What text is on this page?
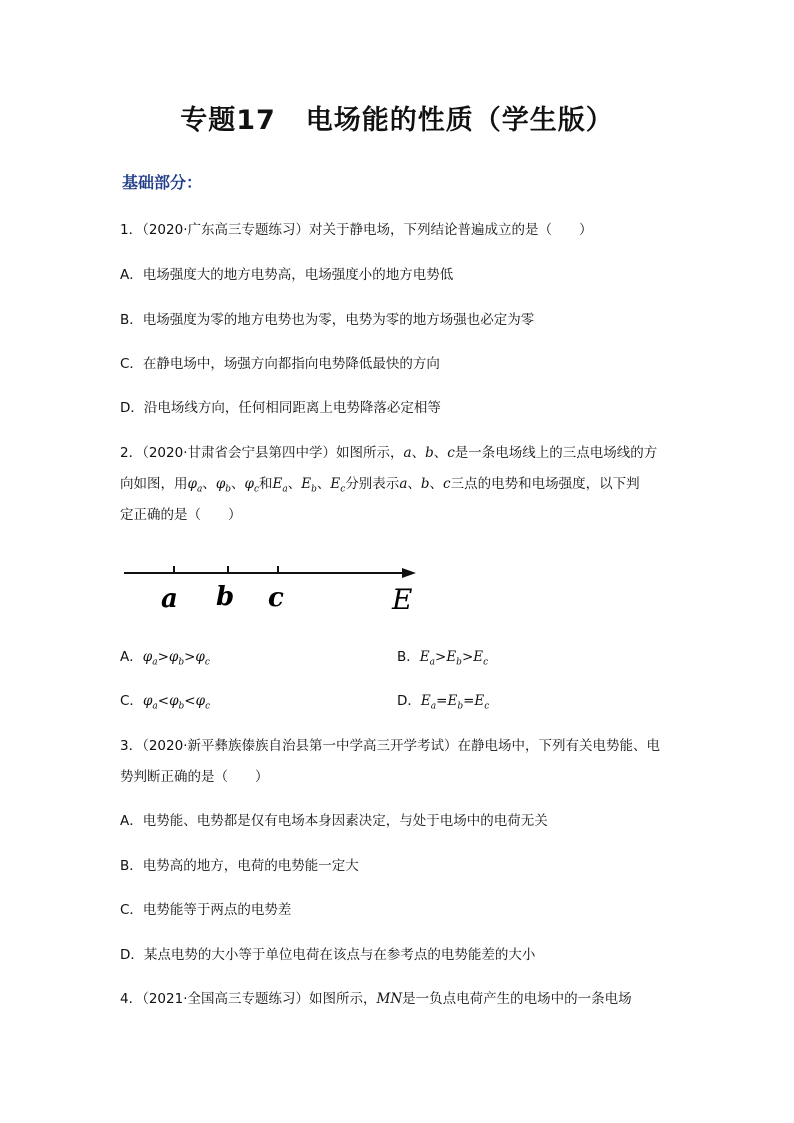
专题17 电场能的性质（学生版）
基础部分：
1．（2020·广东高三专题练习）对关于静电场，下列结论普遍成立的是（　　）
A．电场强度大的地方电势高，电场强度小的地方电势低
B．电场强度为零的地方电势也为零，电势为零的地方场强也必定为零
C．在静电场中，场强方向都指向电势降低最快的方向
D．沿电场线方向，任何相同距离上电势降落必定相等
2．（2020·甘肃省会宁县第四中学）如图所示，a、b、c是一条电场线上的三点电场线的方
向如图，用$\varphi_a$、$\varphi_b$、$\varphi_c$和$E_a$、$E_b$、$E_c$分别表示a、b、c三点的电势和电场强度，以下判
定正确的是（　　）
a b c	E
A．$\varphi_a>\varphi_b>\varphi_c$	B．$E_a>E_b>E_c$
C．$\varphi_a<\varphi_b<\varphi_c$	D．$E_a=E_b=E_c$
3．（2020·新平彝族傣族自治县第一中学高三开学考试）在静电场中，下列有关电势能、电
势判断正确的是（　　）
A．电势能、电势都是仅有电场本身因素决定，与处于电场中的电荷无关
B．电势高的地方，电荷的电势能一定大
C．电势能等于两点的电势差
D．某点电势的大小等于单位电荷在该点与在参考点的电势能差的大小
4．（2021·全国高三专题练习）如图所示，MN是一负点电荷产生的电场中的一条电场
